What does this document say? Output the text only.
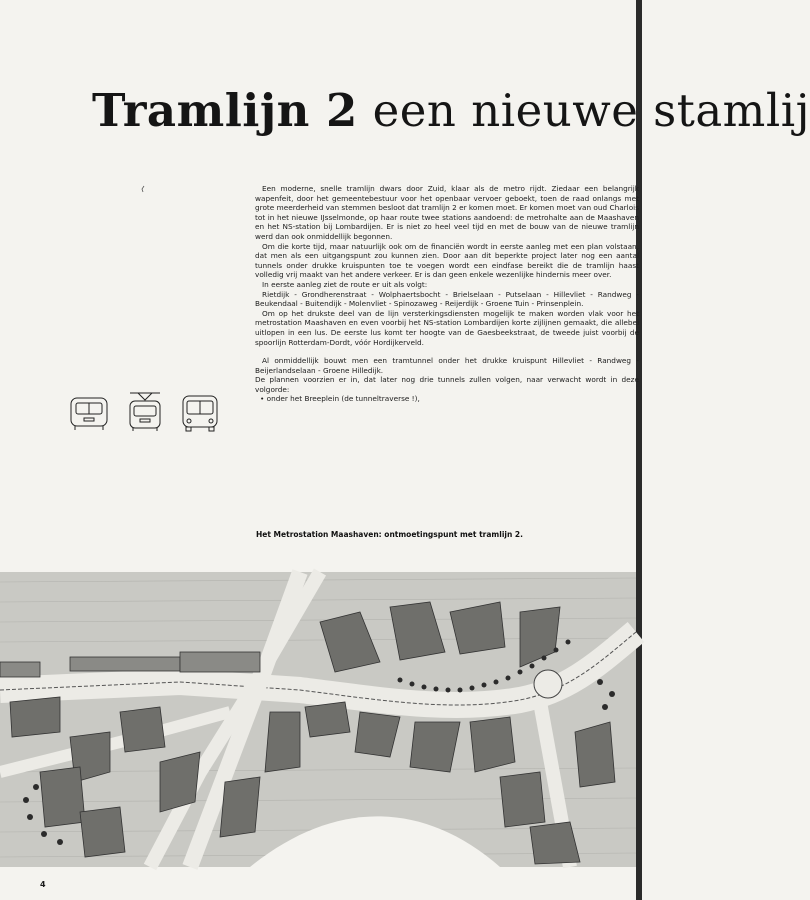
Tramlijn 2 een nieuwe stamlij

Een moderne, snelle tramlijn dwars door Zuid, klaar als de metro rijdt. Ziedaar een belangrijk wapenfeit, door het gemeentebestuur voor het openbaar vervoer geboekt, toen de raad onlangs met grote meerderheid van stemmen besloot dat tramlijn 2 er komen moet. Er komen moet van oud Charlois tot in het nieuwe IJsselmonde, op haar route twee stations aandoend: de metrohalte aan de Maashaven en het NS-station bij Lombardijen. Er is niet zo heel veel tijd en met de bouw van de nieuwe tramlijn werd dan ook onmiddellijk begonnen.

Om die korte tijd, maar natuurlijk ook om de financiën wordt in eerste aanleg met een plan volstaan, dat men als een uitgangspunt zou kunnen zien. Door aan dit beperkte project later nog een aantal tunnels onder drukke kruispunten toe te voegen wordt een eindfase bereikt die de tramlijn haast volledig vrij maakt van het andere verkeer. Er is dan geen enkele wezenlijke hindernis meer over.

In eerste aanleg ziet de route er uit als volgt:

Rietdijk - Grondherenstraat - Wolphaertsbocht - Brielselaan - Putselaan - Hillevliet - Randweg - Beukendaal - Buitendijk - Molenvliet - Spinozaweg - Reijerdijk - Groene Tuin - Prinsenplein.

Om op het drukste deel van de lijn versterkingsdiensten mogelijk te maken worden vlak voor het metrostation Maashaven en even voorbij het NS-station Lombardijen korte zijlijnen gemaakt, die allebei uitlopen in een lus. De eerste lus komt ter hoogte van de Gaesbeekstraat, de tweede juist voorbij de spoorlijn Rotterdam-Dordt, vóór Hordijkerveld.

Al onmiddellijk bouwt men een tramtunnel onder het drukke kruispunt Hillevliet - Randweg - Beijerlandselaan - Groene Hilledijk.

De plannen voorzien er in, dat later nog drie tunnels zullen volgen, naar verwacht wordt in deze volgorde:

• onder het Breeplein (de tunneltraverse !),

Het Metrostation Maashaven: ontmoetingspunt met tramlijn 2.
4
